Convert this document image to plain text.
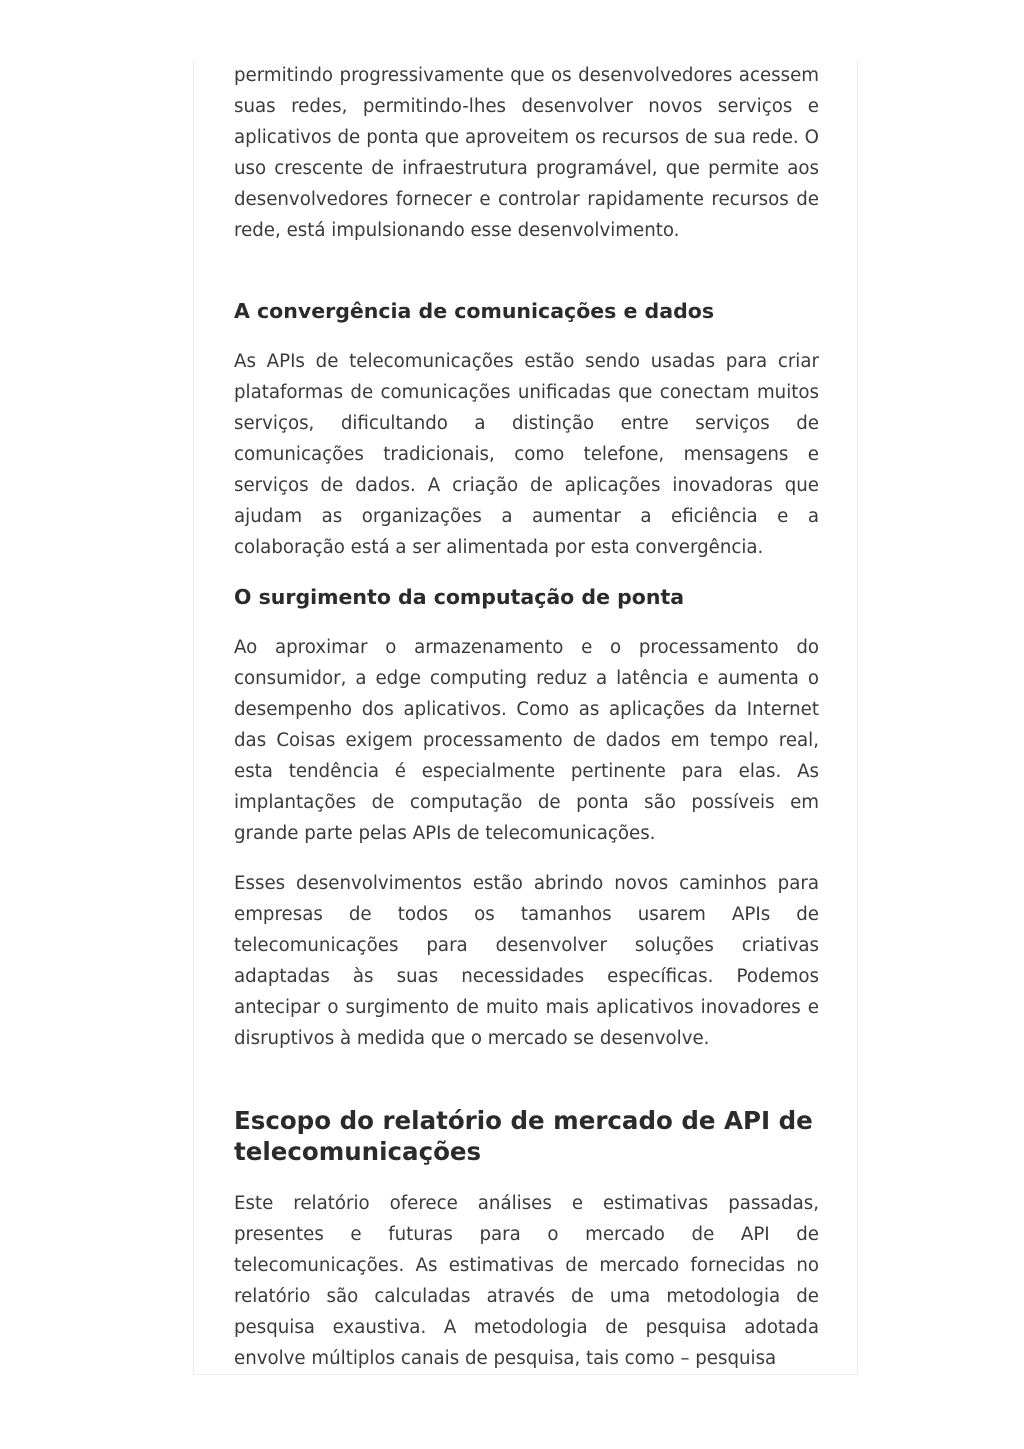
permitindo progressivamente que os desenvolvedores acessem suas redes, permitindo-lhes desenvolver novos serviços e aplicativos de ponta que aproveitem os recursos de sua rede. O uso crescente de infraestrutura programável, que permite aos desenvolvedores fornecer e controlar rapidamente recursos de rede, está impulsionando esse desenvolvimento.

A convergência de comunicações e dados

As APIs de telecomunicações estão sendo usadas para criar plataformas de comunicações unificadas que conectam muitos serviços, dificultando a distinção entre serviços de comunicações tradicionais, como telefone, mensagens e serviços de dados. A criação de aplicações inovadoras que ajudam as organizações a aumentar a eficiência e a colaboração está a ser alimentada por esta convergência.

O surgimento da computação de ponta

Ao aproximar o armazenamento e o processamento do consumidor, a edge computing reduz a latência e aumenta o desempenho dos aplicativos. Como as aplicações da Internet das Coisas exigem processamento de dados em tempo real, esta tendência é especialmente pertinente para elas. As implantações de computação de ponta são possíveis em grande parte pelas APIs de telecomunicações.

Esses desenvolvimentos estão abrindo novos caminhos para empresas de todos os tamanhos usarem APIs de telecomunicações para desenvolver soluções criativas adaptadas às suas necessidades específicas. Podemos antecipar o surgimento de muito mais aplicativos inovadores e disruptivos à medida que o mercado se desenvolve.

Escopo do relatório de mercado de API de telecomunicações

Este relatório oferece análises e estimativas passadas, presentes e futuras para o mercado de API de telecomunicações. As estimativas de mercado fornecidas no relatório são calculadas através de uma metodologia de pesquisa exaustiva. A metodologia de pesquisa adotada envolve múltiplos canais de pesquisa, tais como – pesquisa
